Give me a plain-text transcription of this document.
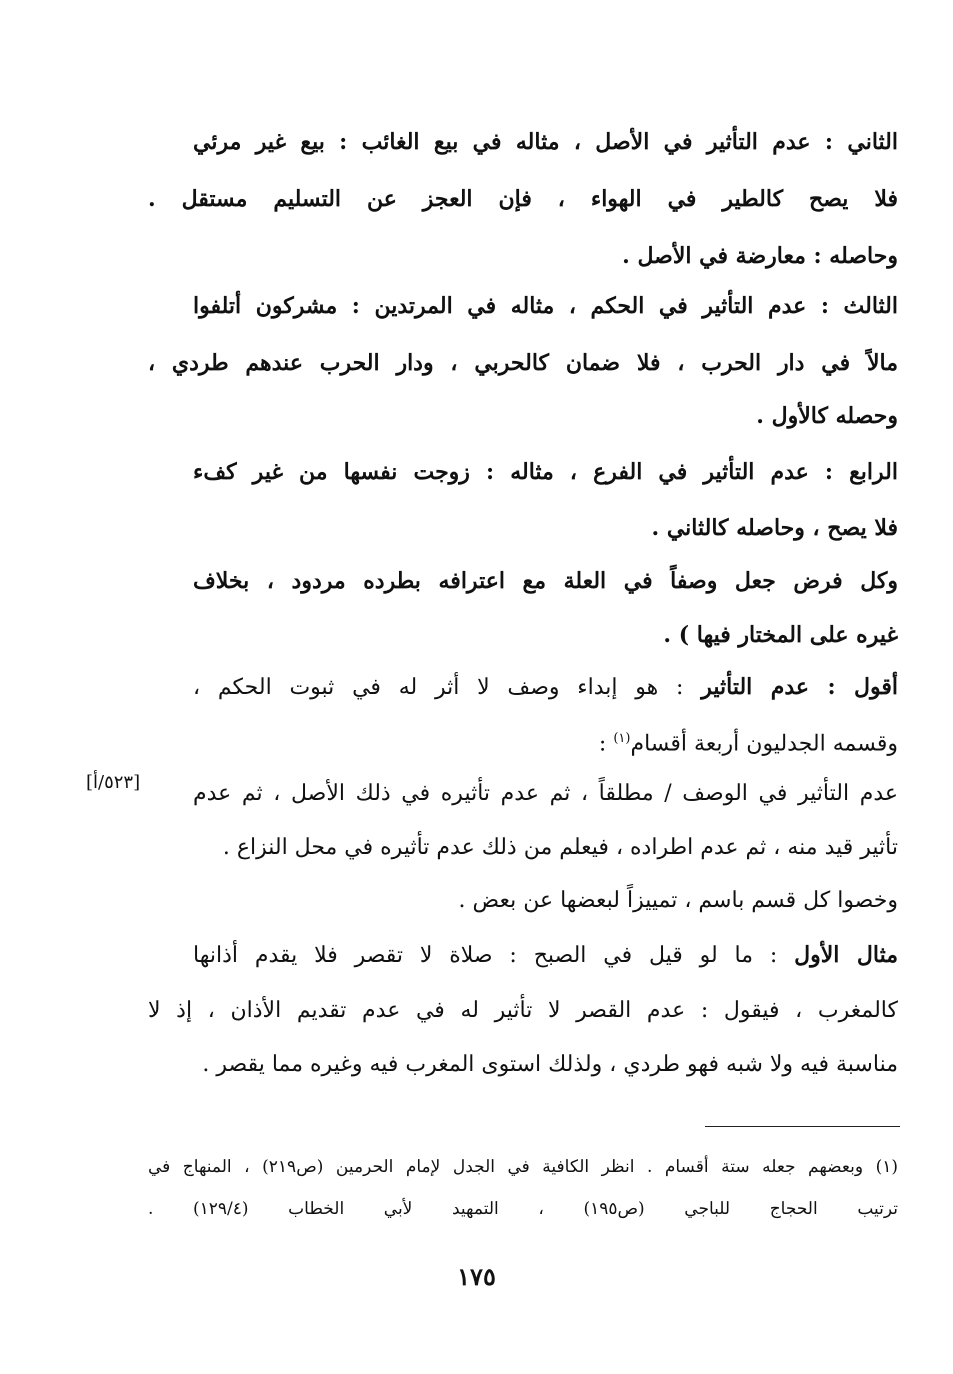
الثاني : عدم التأثير في الأصل ، مثاله في بيع الغائب : بيع غير مرئي
فلا يصح كالطير في الهواء ، فإن العجز عن التسليم مستقل .
وحاصله : معارضة في الأصل .
الثالث : عدم التأثير في الحكم ، مثاله في المرتدين : مشركون أتلفوا
مالاً في دار الحرب ، فلا ضمان كالحربي ، ودار الحرب عندهم طردي ،
وحصله كالأول .
الرابع : عدم التأثير في الفرع ، مثاله : زوجت نفسها من غير كفء
فلا يصح ، وحاصله كالثاني .
وكل فرض جعل وصفاً في العلة مع اعترافه بطرده مردود ، بخلاف
غيره على المختار فيها ) .
أقول : عدم التأثير : هو إبداء وصف لا أثر له في ثبوت الحكم ،
وقسمه الجدليون أربعة أقسام$^{(١)}$ :
عدم التأثير في الوصف / مطلقاً ، ثم عدم تأثيره في ذلك الأصل ، ثم عدم
[٥٢٣/أ]
تأثير قيد منه ، ثم عدم اطراده ، فيعلم من ذلك عدم تأثيره في محل النزاع .
وخصوا كل قسم باسم ، تمييزاً لبعضها عن بعض .
مثال الأول : ما لو قيل في الصبح : صلاة لا تقصر فلا يقدم أذانها
كالمغرب ، فيقول : عدم القصر لا تأثير له في عدم تقديم الأذان ، إذ لا
مناسبة فيه ولا شبه فهو طردي ، ولذلك استوى المغرب فيه وغيره مما يقصر .
(١) وبعضهم جعله ستة أقسام . انظر الكافية في الجدل لإمام الحرمين (ص٢١٩) ، المنهاج في
ترتيب الحجاج للباجي (ص١٩٥) ، التمهيد لأبي الخطاب (١٢٩/٤) .
١٧٥
